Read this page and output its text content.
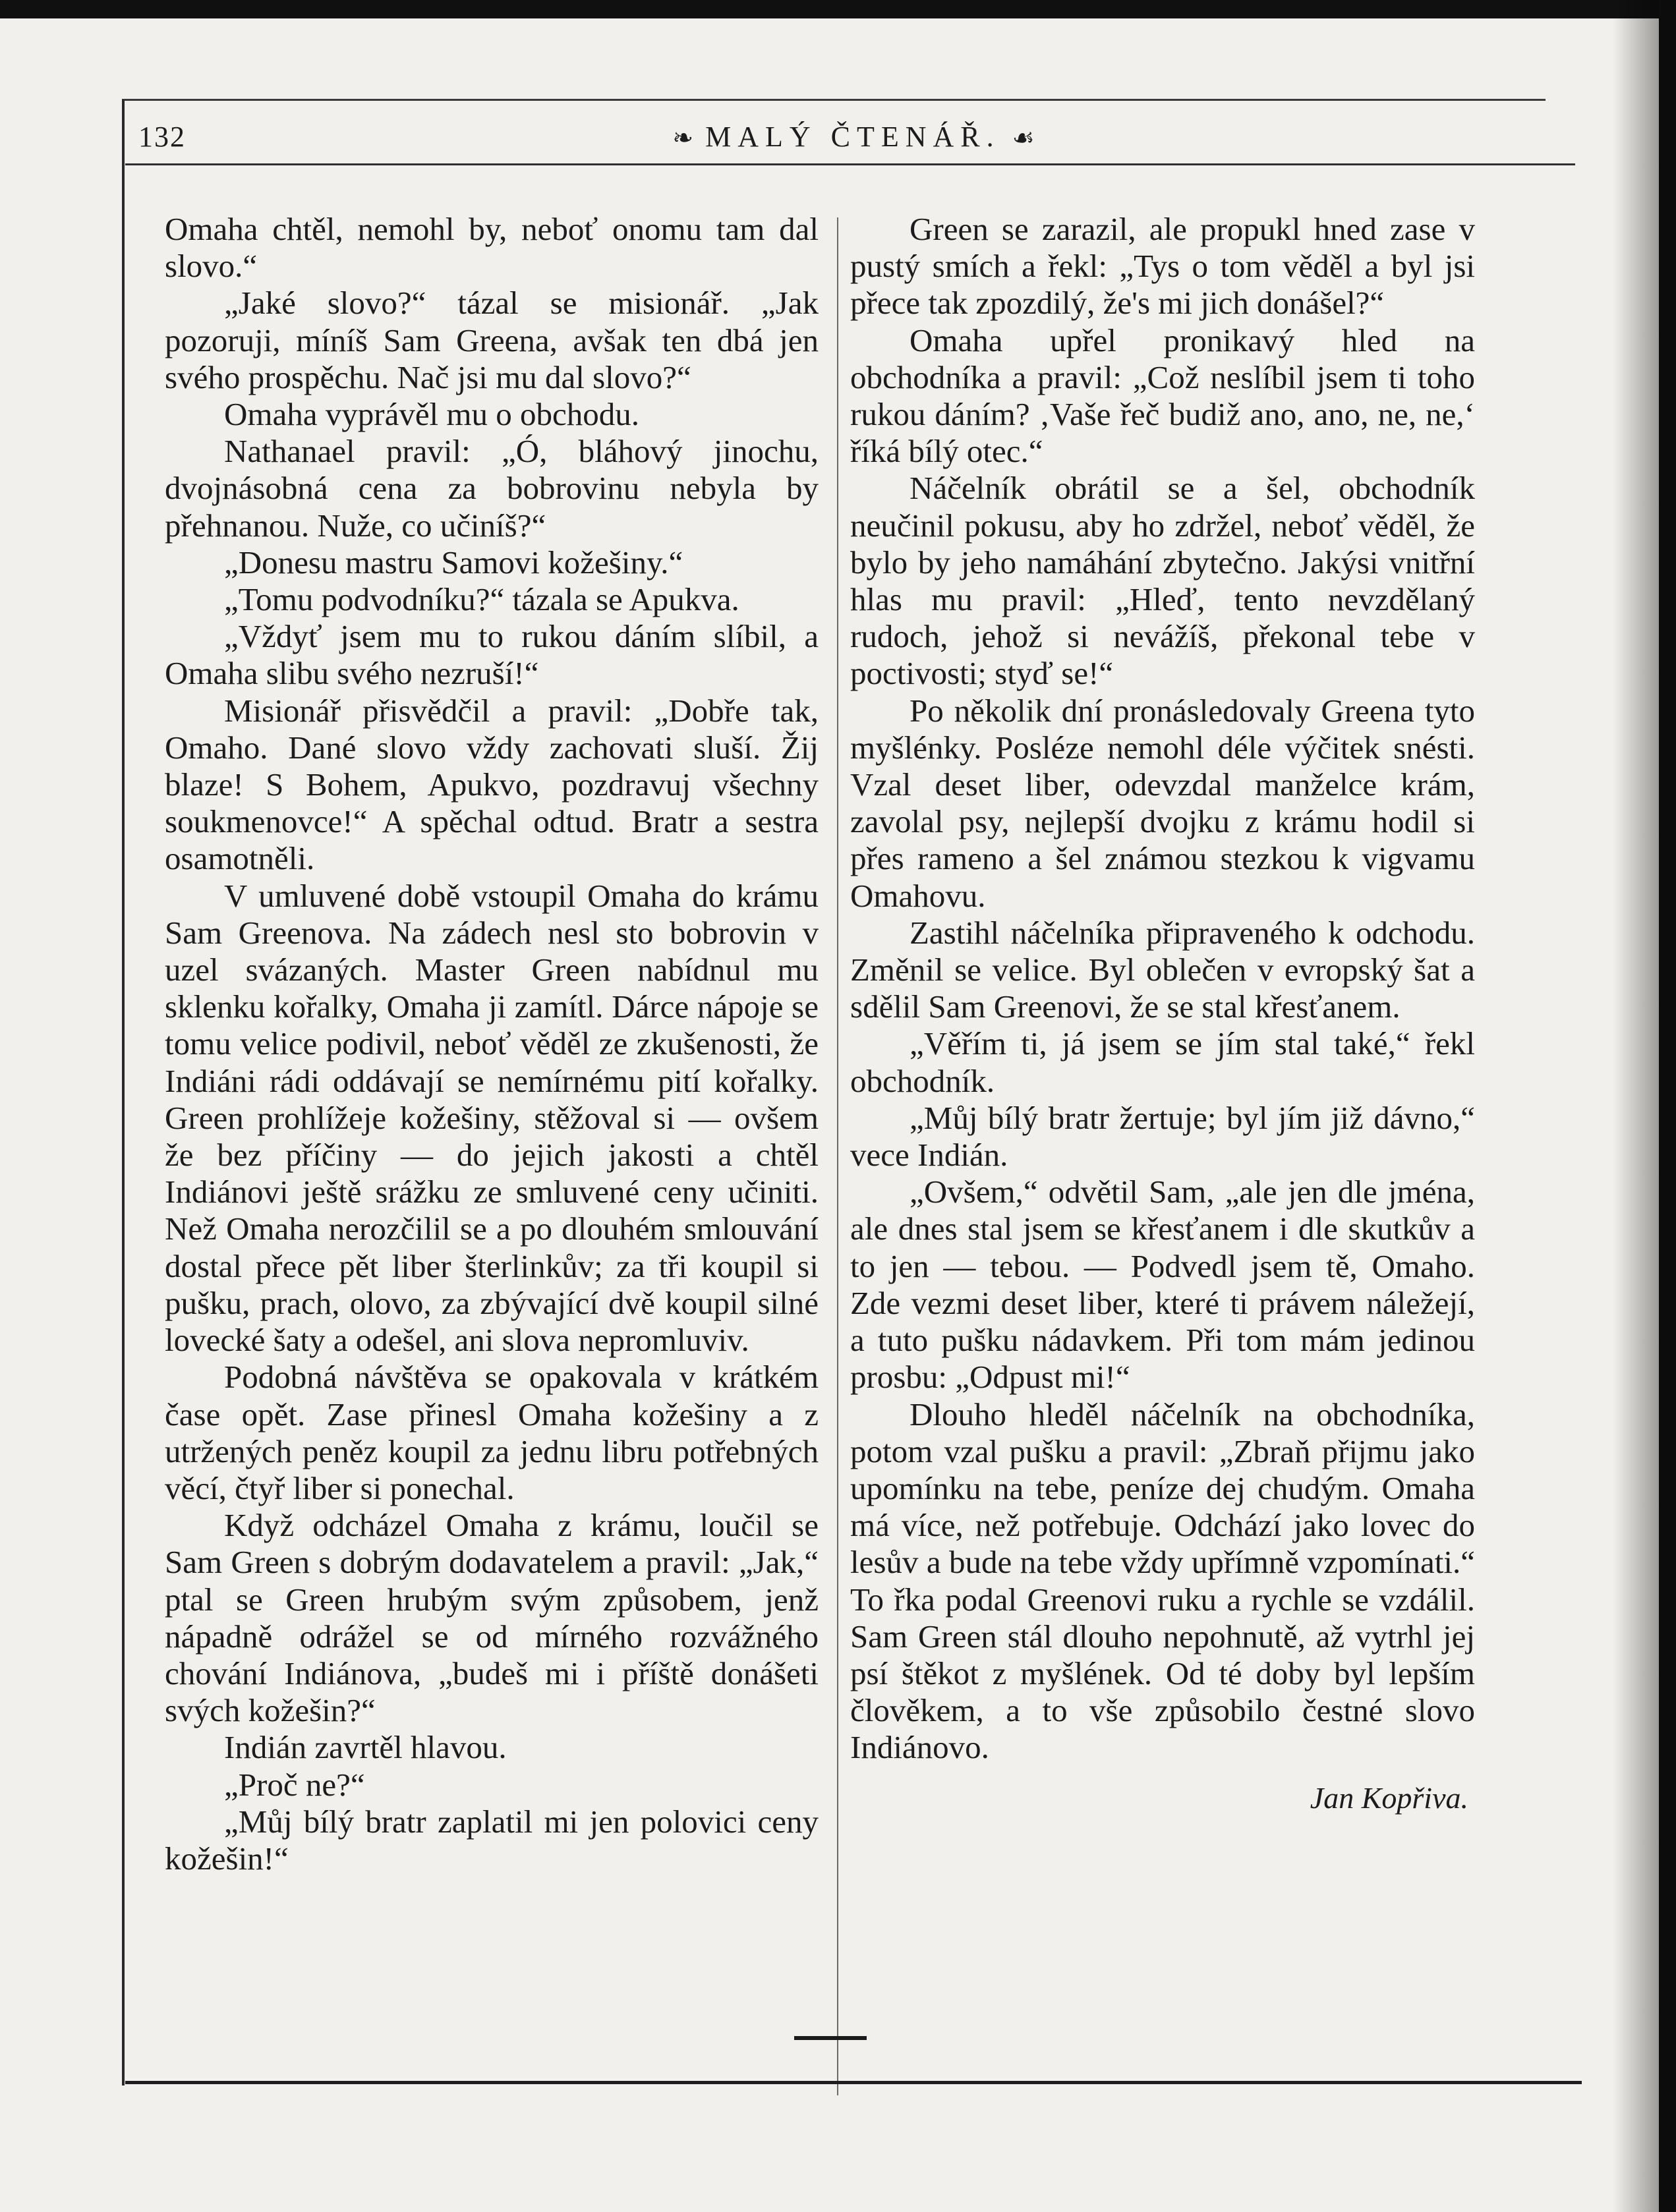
132	❧ MALÝ ČTENÁŘ. ☙

Omaha chtěl, nemohl by, neboť onomu tam dal slovo.“

„Jaké slovo?“ tázal se misionář. „Jak pozoruji, míníš Sam Greena, avšak ten dbá jen svého prospěchu. Nač jsi mu dal slovo?“

Omaha vyprávěl mu o obchodu.

Nathanael pravil: „Ó, bláhový jinochu, dvojnásobná cena za bobrovinu nebyla by přehnanou. Nuže, co učiníš?“

„Donesu mastru Samovi kožešiny.“

„Tomu podvodníku?“ tázala se Apukva.

„Vždyť jsem mu to rukou dáním slíbil, a Omaha slibu svého nezruší!“

Misionář přisvědčil a pravil: „Dobře tak, Omaho. Dané slovo vždy zachovati sluší. Žij blaze! S Bohem, Apukvo, pozdravuj všechny soukmenovce!“ A spěchal odtud. Bratr a sestra osamotněli.

V umluvené době vstoupil Omaha do krámu Sam Greenova. Na zádech nesl sto bobrovin v uzel svázaných. Master Green nabídnul mu sklenku kořalky, Omaha ji zamítl. Dárce nápoje se tomu velice podivil, neboť věděl ze zkušenosti, že Indiáni rádi oddávají se nemírnému pití kořalky. Green prohlížeje kožešiny, stěžoval si — ovšem že bez příčiny — do jejich jakosti a chtěl Indiánovi ještě srážku ze smluvené ceny učiniti. Než Omaha nerozčilil se a po dlouhém smlouvání dostal přece pět liber šterlinkův; za tři koupil si pušku, prach, olovo, za zbývající dvě koupil silné lovecké šaty a odešel, ani slova nepromluviv.

Podobná návštěva se opakovala v krátkém čase opět. Zase přinesl Omaha kožešiny a z utržených peněz koupil za jednu libru potřebných věcí, čtyř liber si ponechal.

Když odcházel Omaha z krámu, loučil se Sam Green s dobrým dodavatelem a pravil: „Jak,“ ptal se Green hrubým svým způsobem, jenž nápadně odrážel se od mírného rozvážného chování Indiánova, „budeš mi i příště donášeti svých kožešin?“

Indián zavrtěl hlavou.

„Proč ne?“

„Můj bílý bratr zaplatil mi jen polovici ceny kožešin!“

Green se zarazil, ale propukl hned zase v pustý smích a řekl: „Tys o tom věděl a byl jsi přece tak zpozdilý, že's mi jich donášel?“

Omaha upřel pronikavý hled na obchodníka a pravil: „Což neslíbil jsem ti toho rukou dáním? ‚Vaše řeč budiž ano, ano, ne, ne,‘ říká bílý otec.“

Náčelník obrátil se a šel, obchodník neučinil pokusu, aby ho zdržel, neboť věděl, že bylo by jeho namáhání zbytečno. Jakýsi vnitřní hlas mu pravil: „Hleď, tento nevzdělaný rudoch, jehož si nevážíš, překonal tebe v poctivosti; styď se!“

Po několik dní pronásledovaly Greena tyto myšlénky. Posléze nemohl déle výčitek snésti. Vzal deset liber, odevzdal manželce krám, zavolal psy, nejlepší dvojku z krámu hodil si přes rameno a šel známou stezkou k vigvamu Omahovu.

Zastihl náčelníka připraveného k odchodu. Změnil se velice. Byl oblečen v evropský šat a sdělil Sam Greenovi, že se stal křesťanem.

„Věřím ti, já jsem se jím stal také,“ řekl obchodník.

„Můj bílý bratr žertuje; byl jím již dávno,“ vece Indián.

„Ovšem,“ odvětil Sam, „ale jen dle jména, ale dnes stal jsem se křesťanem i dle skutkův a to jen — tebou. — Podvedl jsem tě, Omaho. Zde vezmi deset liber, které ti právem náležejí, a tuto pušku nádavkem. Při tom mám jedinou prosbu: „Odpust mi!“

Dlouho hleděl náčelník na obchodníka, potom vzal pušku a pravil: „Zbraň přijmu jako upomínku na tebe, peníze dej chudým. Omaha má více, než potřebuje. Odchází jako lovec do lesův a bude na tebe vždy upřímně vzpomínati.“ To řka podal Greenovi ruku a rychle se vzdálil. Sam Green stál dlouho nepohnutě, až vytrhl jej psí štěkot z myšlének. Od té doby byl lepším člověkem, a to vše způsobilo čestné slovo Indiánovo.

Jan Kopřiva.
